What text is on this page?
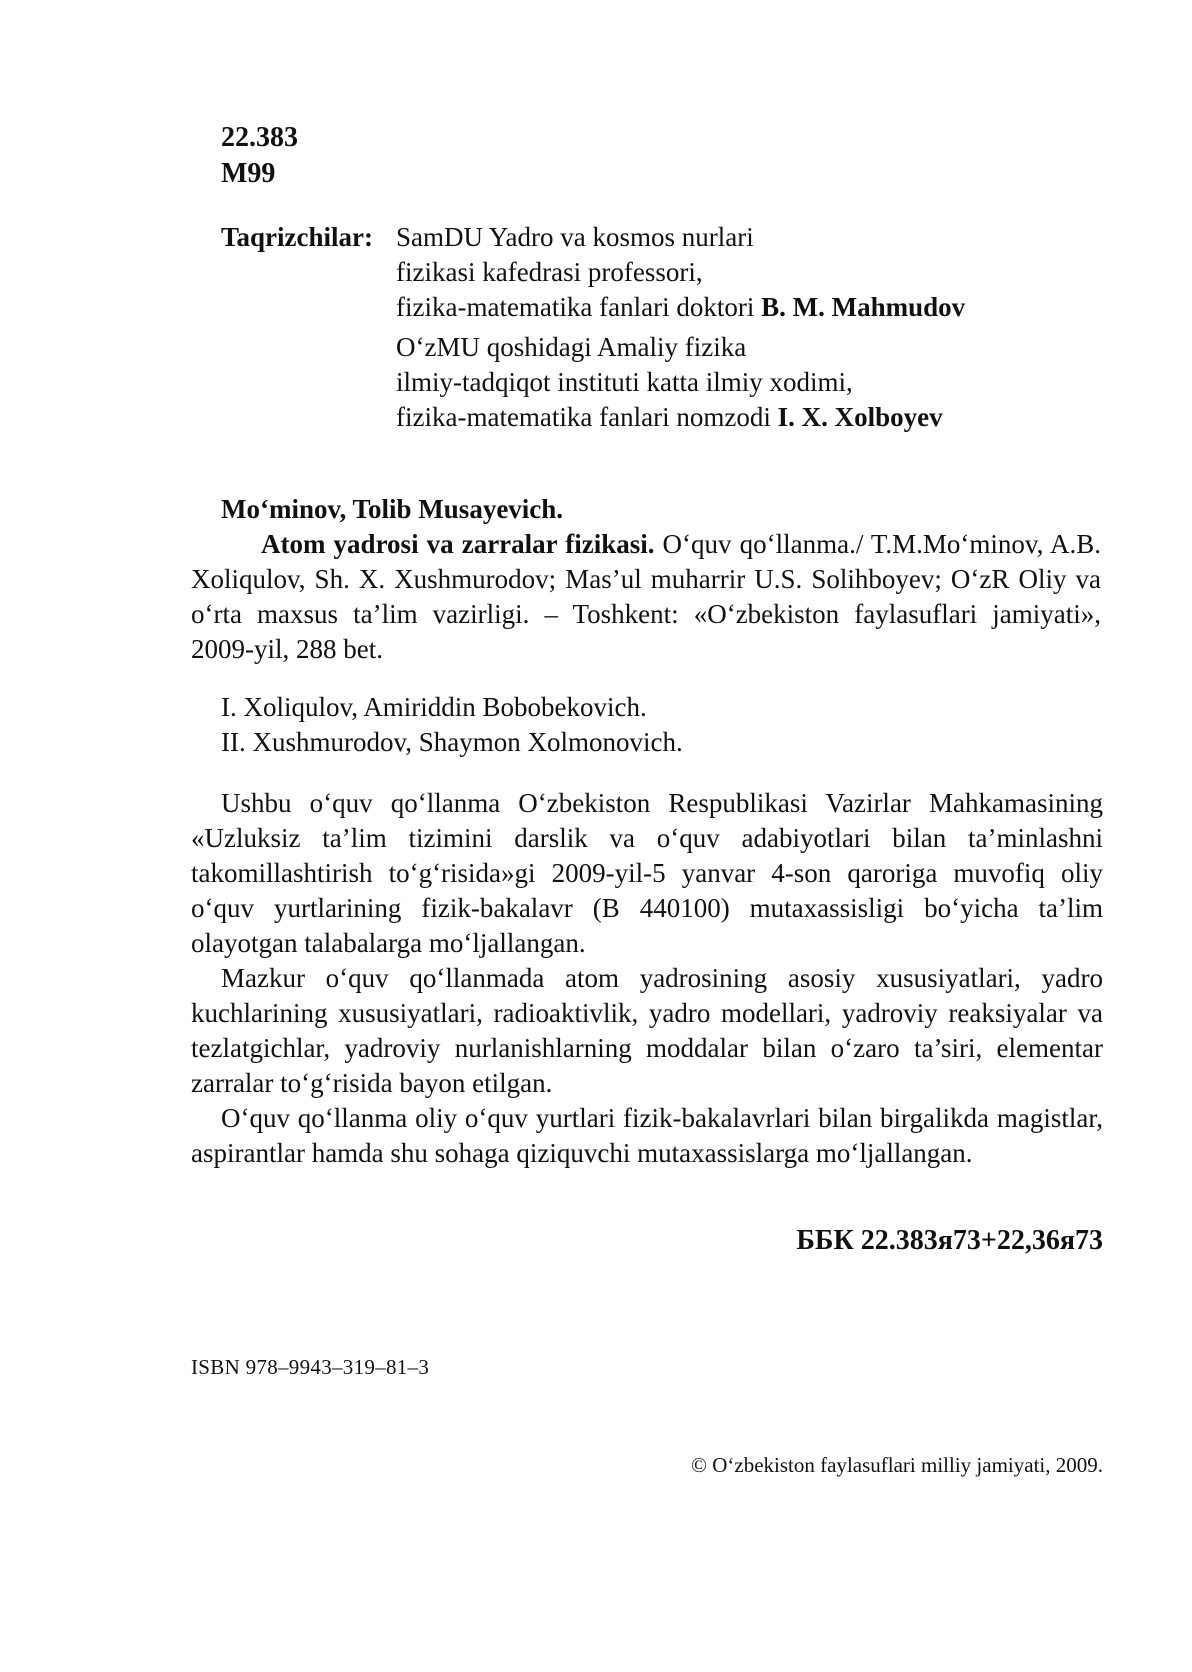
22.383
M99
Taqrizchilar: SamDU Yadro va kosmos nurlari
fizikasi kafedrasi professori,
fizika-matematika fanlari doktori B. M. Mahmudov
O‘zMU qoshidagi Amaliy fizika
ilmiy-tadqiqot instituti katta ilmiy xodimi,
fizika-matematika fanlari nomzodi I. X. Xolboyev
Mo‘minov, Tolib Musayevich.
Atom yadrosi va zarralar fizikasi. O‘quv qo‘llanma./ T.M.Mo‘minov, A.B. Xoliqulov, Sh. X. Xushmurodov; Mas’ul muharrir U.S. Solihboyev; O‘zR Oliy va o‘rta maxsus ta’lim vazirligi. – Toshkent: «O‘zbekiston faylasuflari jamiyati», 2009-yil, 288 bet.
I. Xoliqulov, Amiriddin Bobobekovich.
II. Xushmurodov, Shaymon Xolmonovich.

Ushbu o‘quv qo‘llanma O‘zbekiston Respublikasi Vazirlar Mahkamasining «Uzluksiz ta’lim tizimini darslik va o‘quv adabiyotlari bilan ta’minlashni takomillashtirish to‘g‘risida»gi 2009-yil-5 yanvar 4-son qaroriga muvofiq oliy o‘quv yurtlarining fizik-bakalavr (B 440100) mutaxassisligi bo‘yicha ta’lim olayotgan talabalarga mo‘ljallangan.

Mazkur o‘quv qo‘llanmada atom yadrosining asosiy xususiyatlari, yadro kuchlarining xususiyatlari, radioaktivlik, yadro modellari, yadroviy reaksiyalar va tezlatgichlar, yadroviy nurlanishlarning moddalar bilan o‘zaro ta’siri, elementar zarralar to‘g‘risida bayon etilgan.

O‘quv qo‘llanma oliy o‘quv yurtlari fizik-bakalavrlari bilan birgalikda magistlar, aspirantlar hamda shu sohaga qiziquvchi mutaxassislarga mo‘ljallangan.

ББК 22.383я73+22,36я73
ISBN 978–9943–319–81–3
© O‘zbekiston faylasuflari milliy jamiyati, 2009.
